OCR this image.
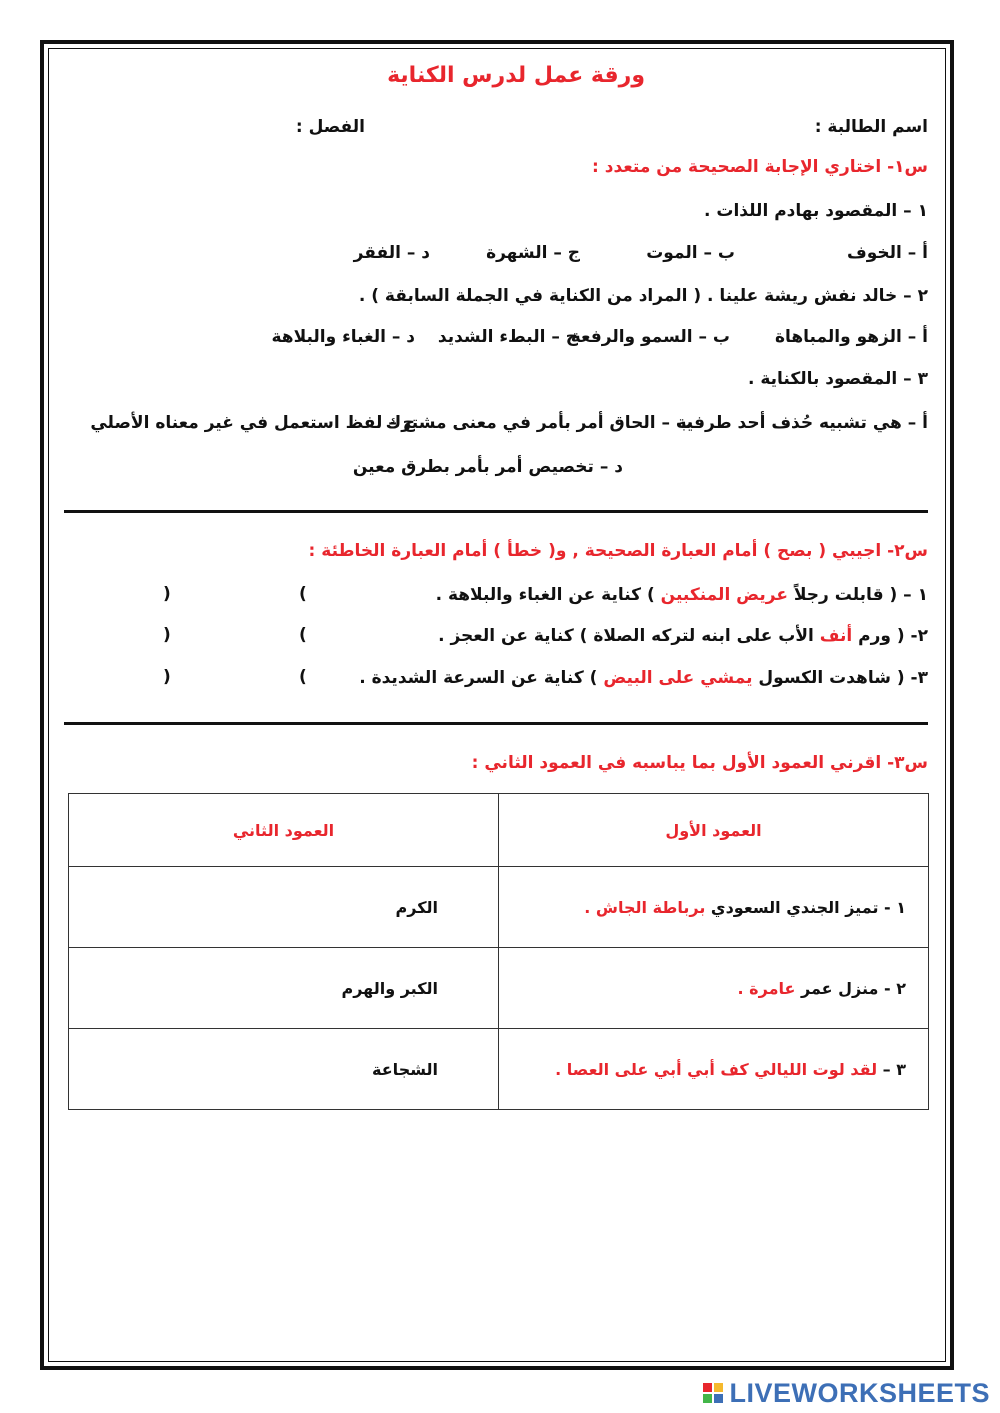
ورقة عمل لدرس الكناية
اسم الطالبة :
الفصل :
س١- اختاري الإجابة الصحيحة من متعدد :
١ – المقصود بهادم اللذات .
أ – الخوف
ب – الموت
ج – الشهرة
د – الفقر
٢ – خالد نفش ريشة علينا . ( المراد من الكناية في الجملة السابقة ) .
أ – الزهو والمباهاة
ب – السمو والرفعة
ج – البطء الشديد
د – الغباء والبلاهة
٣ – المقصود بالكناية .
أ – هي تشبيه حُذف أحد طرفية
ب – الحاق أمر بأمر في معنى مشترك
ج – لفظ استعمل في غير معناه الأصلي
د – تخصيص أمر بأمر بطرق معين
س٢- اجيبي ( بصح ) أمام العبارة الصحيحة , و( خطأ ) أمام العبارة الخاطئة :
١ – ( قابلت رجلاً عريض المنكبين ) كناية عن الغباء والبلاهة .
(
)
٢- ( ورم أنف الأب على ابنه لتركه الصلاة ) كناية عن العجز .
(
)
٣- ( شاهدت الكسول يمشي على البيض ) كناية عن السرعة الشديدة .
(
)
س٣- اقرني العمود الأول بما يباسبه في العمود الثاني :
العمود الأول	العمود الثاني
١ - تميز الجندي السعودي برباطة الجاش .	الكرم
٢ - منزل عمر عامرة .	الكبر والهرم
٣ – لقد لوت الليالي كف أبي أبي على العصا .	الشجاعة
LIVEWORKSHEETS
